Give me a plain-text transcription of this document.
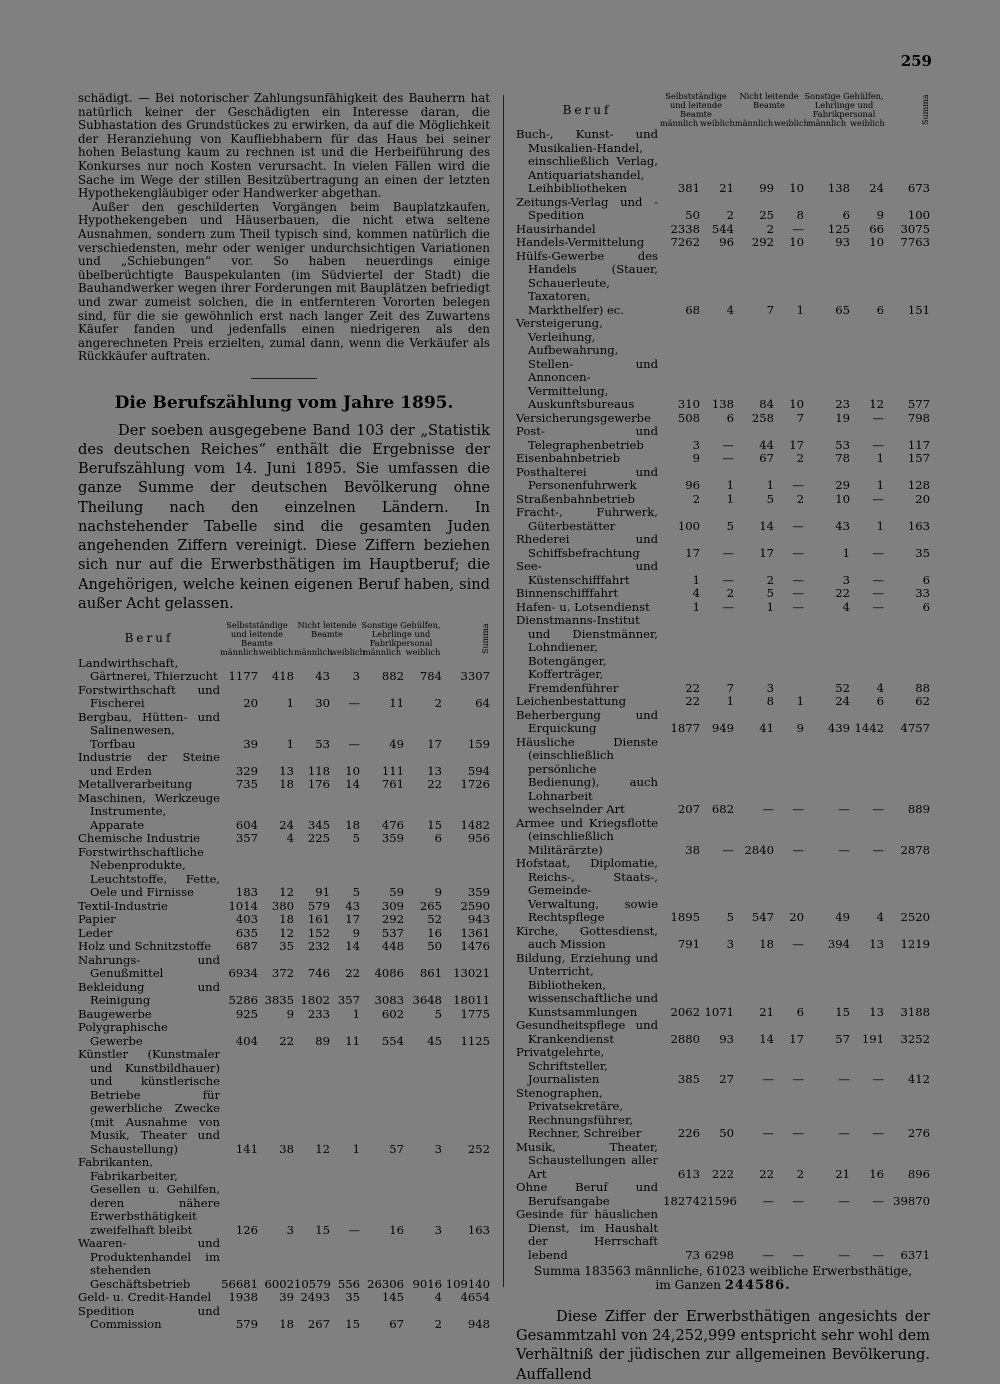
259

schädigt. — Bei notorischer Zahlungsunfähigkeit des Bauherrn hat natürlich keiner der Geschädigten ein Interesse daran, die Subhastation des Grundstückes zu erwirken, da auf die Möglichkeit der Heranziehung von Kaufliebhabern für das Haus bei seiner hohen Belastung kaum zu rechnen ist und die Herbeiführung des Konkurses nur noch Kosten verursacht. In vielen Fällen wird die Sache im Wege der stillen Besitzübertragung an einen der letzten Hypothekengläubiger oder Handwerker abgethan.

Außer den geschilderten Vorgängen beim Bauplatzkaufen, Hypothekengeben und Häuserbauen, die nicht etwa seltene Ausnahmen, sondern zum Theil typisch sind, kommen natürlich die verschiedensten, mehr oder weniger undurchsichtigen Variationen und „Schiebungen“ vor. So haben neuerdings einige übelberüchtigte Bauspekulanten (im Südviertel der Stadt) die Bauhandwerker wegen ihrer Forderungen mit Bauplätzen befriedigt und zwar zumeist solchen, die in entfernteren Vororten belegen sind, für die sie gewöhnlich erst nach langer Zeit des Zuwartens Käufer fanden und jedenfalls einen niedrigeren als den angerechneten Preis erzielten, zumal dann, wenn die Verkäufer als Rückkäufer auftraten.

Die Berufszählung vom Jahre 1895.

Der soeben ausgegebene Band 103 der „Statistik des deutschen Reiches“ enthält die Ergebnisse der Berufszählung vom 14. Juni 1895. Sie umfassen die ganze Summe der deutschen Bevölkerung ohne Theilung nach den einzelnen Ländern. In nachstehender Tabelle sind die gesamten Juden angehenden Ziffern vereinigt. Diese Ziffern beziehen sich nur auf die Erwerbsthätigen im Hauptberuf; die Angehörigen, welche keinen eigenen Beruf haben, sind außer Acht gelassen.

Beruf	Selbstständige und leitende Beamte		Nicht leitende Beamte		Sonstige Gehülfen, Lehrlinge und Fabrikpersonal		Summa
	männlich	weiblich	männlich	weiblich	männlich	weiblich	

Landwirthschaft, Gärtnerei, Thierzucht	1177	418	43	3	882	784	3307

Forstwirthschaft und Fischerei	20	1	30	—	11	2	64

Bergbau, Hütten- und Salinenwesen, Torfbau	39	1	53	—	49	17	159

Industrie der Steine und Erden	329	13	118	10	111	13	594

Metallverarbeitung	735	18	176	14	761	22	1726

Maschinen, Werkzeuge Instrumente, Apparate	604	24	345	18	476	15	1482

Chemische Industrie	357	4	225	5	359	6	956

Forstwirthschaftliche Nebenprodukte, Leuchtstoffe, Fette, Oele und Firnisse	183	12	91	5	59	9	359

Textil-Industrie	1014	380	579	43	309	265	2590

Papier	403	18	161	17	292	52	943

Leder	635	12	152	9	537	16	1361

Holz und Schnitzstoffe	687	35	232	14	448	50	1476

Nahrungs- und Genußmittel	6934	372	746	22	4086	861	13021

Bekleidung und Reinigung	5286	3835	1802	357	3083	3648	18011

Baugewerbe	925	9	233	1	602	5	1775

Polygraphische Gewerbe	404	22	89	11	554	45	1125

Künstler (Kunstmaler und Kunstbildhauer) und künstlerische Betriebe für gewerbliche Zwecke (mit Ausnahme von Musik, Theater und Schaustellung)	141	38	12	1	57	3	252

Fabrikanten, Fabrikarbeiter, Gesellen u. Gehilfen, deren nähere Erwerbsthätigkeit zweifelhaft bleibt	126	3	15	—	16	3	163

Waaren- und Produktenhandel im stehenden Geschäftsbetrieb	56681	6002	10579	556	26306	9016	109140

Geld- u. Credit-Handel	1938	39	2493	35	145	4	4654

Spedition und Commission	579	18	267	15	67	2	948
Beruf	Selbstständige und leitende Beamte		Nicht leitende Beamte		Sonstige Gehülfen, Lehrlinge und Fabrikpersonal		Summa
	männlich	weiblich	männlich	weiblich	männlich	weiblich	

Buch-, Kunst- und Musikalien-Handel, einschließlich Verlag, Antiquariatshandel, Leihbibliotheken	381	21	99	10	138	24	673

Zeitungs-Verlag und -Spedition	50	2	25	8	6	9	100

Hausirhandel	2338	544	2	—	125	66	3075

Handels-Vermittelung	7262	96	292	10	93	10	7763

Hülfs-Gewerbe des Handels (Stauer, Schauerleute, Taxatoren, Markthelfer) ec.	68	4	7	1	65	6	151

Versteigerung, Verleihung, Aufbewahrung, Stellen- und Annoncen-Vermittelung, Auskunftsbureaus	310	138	84	10	23	12	577

Versicherungsgewerbe	508	6	258	7	19	—	798

Post- und Telegraphenbetrieb	3	—	44	17	53	—	117

Eisenbahnbetrieb	9	—	67	2	78	1	157

Posthalterei und Personenfuhrwerk	96	1	1	—	29	1	128

Straßenbahnbetrieb	2	1	5	2	10	—	20

Fracht-, Fuhrwerk, Güterbestätter	100	5	14	—	43	1	163

Rhederei und Schiffsbefrachtung	17	—	17	—	1	—	35

See- und Küstenschifffahrt	1	—	2	—	3	—	6

Binnenschifffahrt	4	2	5	—	22	—	33

Hafen- u. Lotsendienst	1	—	1	—	4	—	6

Dienstmanns-Institut und Dienstmänner, Lohndiener, Botengänger, Kofferträger, Fremdenführer	22	7	3		52	4	88

Leichenbestattung	22	1	8	1	24	6	62

Beherbergung und Erquickung	1877	949	41	9	439	1442	4757

Häusliche Dienste (einschließlich persönliche Bedienung), auch Lohnarbeit wechselnder Art	207	682	—	—	—	—	889

Armee und Kriegsflotte (einschließlich Militärärzte)	38	—	2840	—	—	—	2878

Hofstaat, Diplomatie, Reichs-, Staats-, Gemeinde-Verwaltung, sowie Rechtspflege	1895	5	547	20	49	4	2520

Kirche, Gottesdienst, auch Mission	791	3	18	—	394	13	1219

Bildung, Erziehung und Unterricht, Bibliotheken, wissenschaftliche und Kunstsammlungen	2062	1071	21	6	15	13	3188

Gesundheitspflege und Krankendienst	2880	93	14	17	57	191	3252

Privatgelehrte, Schriftsteller, Journalisten	385	27	—	—	—	—	412

Stenographen, Privatsekretäre, Rechnungsführer, Rechner, Schreiber	226	50	—	—	—	—	276

Musik, Theater, Schaustellungen aller Art	613	222	22	2	21	16	896

Ohne Beruf und Berufsangabe	18274	21596	—	—	—	—	39870

Gesinde für häuslichen Dienst, im Haushalt der Herrschaft lebend	73	6298	—	—	—	—	6371
Summa 183563 männliche, 61023 weibliche Erwerbsthätige,
im Ganzen 244586.

Diese Ziffer der Erwerbsthätigen angesichts der Gesammtzahl von 24,252,999 entspricht sehr wohl dem Verhältniß der jüdischen zur allgemeinen Bevölkerung. Auffallend
